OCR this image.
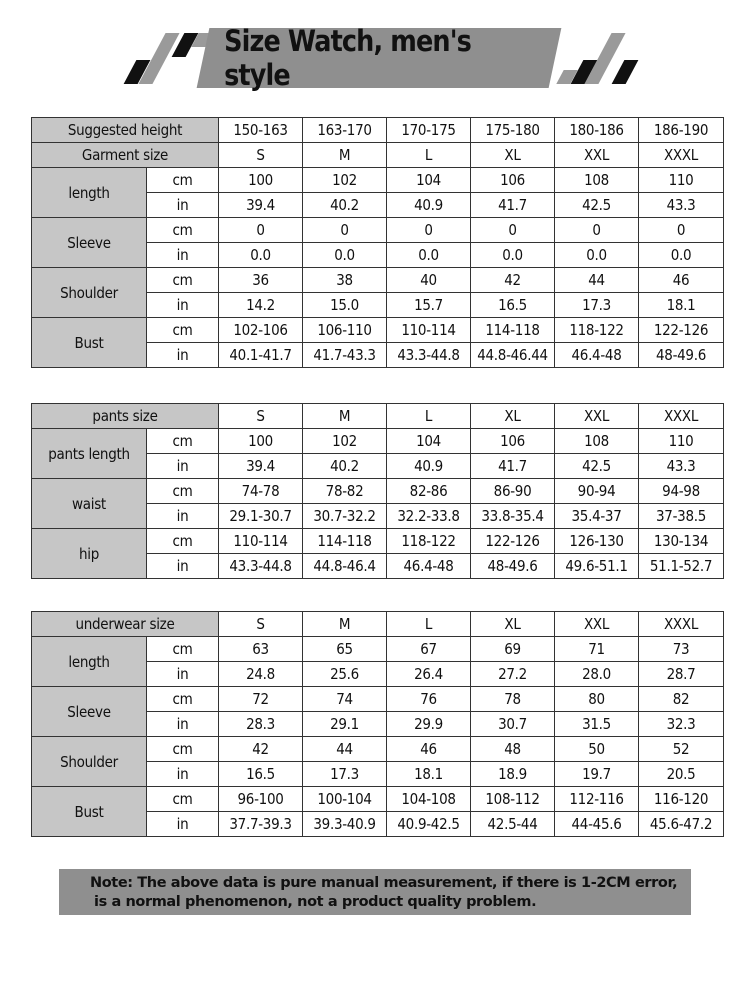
Size Watch, men's style
Suggested height		150-163	163-170	170-175	175-180	180-186	186-190
Garment size		S	M	L	XL	XXL	XXXL
length	cm	100	102	104	106	108	110
	in	39.4	40.2	40.9	41.7	42.5	43.3
Sleeve	cm	0	0	0	0	0	0
	in	0.0	0.0	0.0	0.0	0.0	0.0
Shoulder	cm	36	38	40	42	44	46
	in	14.2	15.0	15.7	16.5	17.3	18.1
Bust	cm	102-106	106-110	110-114	114-118	118-122	122-126
	in	40.1-41.7	41.7-43.3	43.3-44.8	44.8-46.44	46.4-48	48-49.6
pants size		S	M	L	XL	XXL	XXXL
pants length	cm	100	102	104	106	108	110
	in	39.4	40.2	40.9	41.7	42.5	43.3
waist	cm	74-78	78-82	82-86	86-90	90-94	94-98
	in	29.1-30.7	30.7-32.2	32.2-33.8	33.8-35.4	35.4-37	37-38.5
hip	cm	110-114	114-118	118-122	122-126	126-130	130-134
	in	43.3-44.8	44.8-46.4	46.4-48	48-49.6	49.6-51.1	51.1-52.7
underwear size		S	M	L	XL	XXL	XXXL
length	cm	63	65	67	69	71	73
	in	24.8	25.6	26.4	27.2	28.0	28.7
Sleeve	cm	72	74	76	78	80	82
	in	28.3	29.1	29.9	30.7	31.5	32.3
Shoulder	cm	42	44	46	48	50	52
	in	16.5	17.3	18.1	18.9	19.7	20.5
Bust	cm	96-100	100-104	104-108	108-112	112-116	116-120
	in	37.7-39.3	39.3-40.9	40.9-42.5	42.5-44	44-45.6	45.6-47.2
Note: The above data is pure manual measurement, if there is 1-2CM error,
is a normal phenomenon, not a product quality problem.
